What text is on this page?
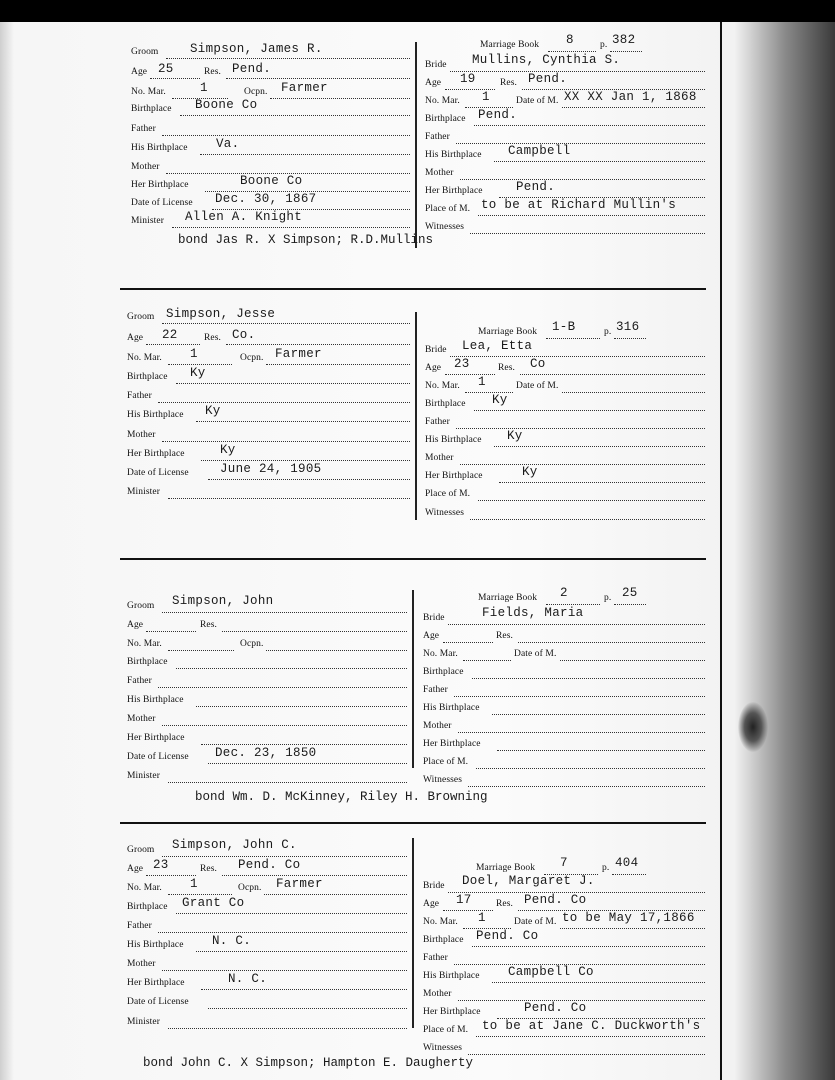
Groom	Simpson, James R.
Age 25	Res. Pend.
No. Mar.	1	Ocpn. Farmer
Birthplace Boone Co
Father
His Birthplace Va.
Mother
Her Birthplace	Boone Co
Date of License Dec. 30, 1867
Minister Allen A. Knight
Marriage Book 8	p. 382
Bride Mullins, Cynthia S.
Age 19	Res. Pend.
No. Mar. 1	Date of M. XX XX Jan 1, 1868
Birthplace Pend.
Father
His Birthplace Campbell
Mother
Her Birthplace	Pend.
Place of M. to be at Richard Mullin's
Witnesses
bond Jas R. X Simpson; R.D.Mullins
Groom Simpson, Jesse
Age 22	Res. Co.
No. Mar. 1	Ocpn. Farmer
Birthplace Ky
Father
His Birthplace Ky
Mother
Her Birthplace	Ky
Date of License	June 24, 1905
Minister
Marriage Book 1-B	p. 316
Bride Lea, Etta
Age 23	Res. Co
No. Mar. 1	Date of M.
Birthplace Ky
Father
His Birthplace Ky
Mother
Her Birthplace	Ky
Place of M.
Witnesses
Groom Simpson, John
Age	Res.
No. Mar.	Ocpn.
Birthplace
Father
His Birthplace
Mother
Her Birthplace
Date of License Dec. 23, 1850
Minister
Marriage Book 2	p. 25
Bride	Fields, Maria
Age	Res.
No. Mar.	Date of M.
Birthplace
Father
His Birthplace
Mother
Her Birthplace
Place of M.
Witnesses
bond Wm. D. McKinney, Riley H. Browning
Groom Simpson, John C.
Age 23	Res. Pend. Co
No. Mar. 1	Ocpn. Farmer
Birthplace Grant Co
Father
His Birthplace N. C.
Mother
Her Birthplace	N. C.
Date of License
Minister
Marriage Book 7	p. 404
Bride Doel, Margaret J.
Age 17	Res. Pend. Co
No. Mar. 1	Date of M. to be May 17,1866
Birthplace Pend. Co
Father
His Birthplace Campbell Co
Mother
Her Birthplace	Pend. Co
Place of M. to be at Jane C. Duckworth's
Witnesses
bond John C. X Simpson; Hampton E. Daugherty
